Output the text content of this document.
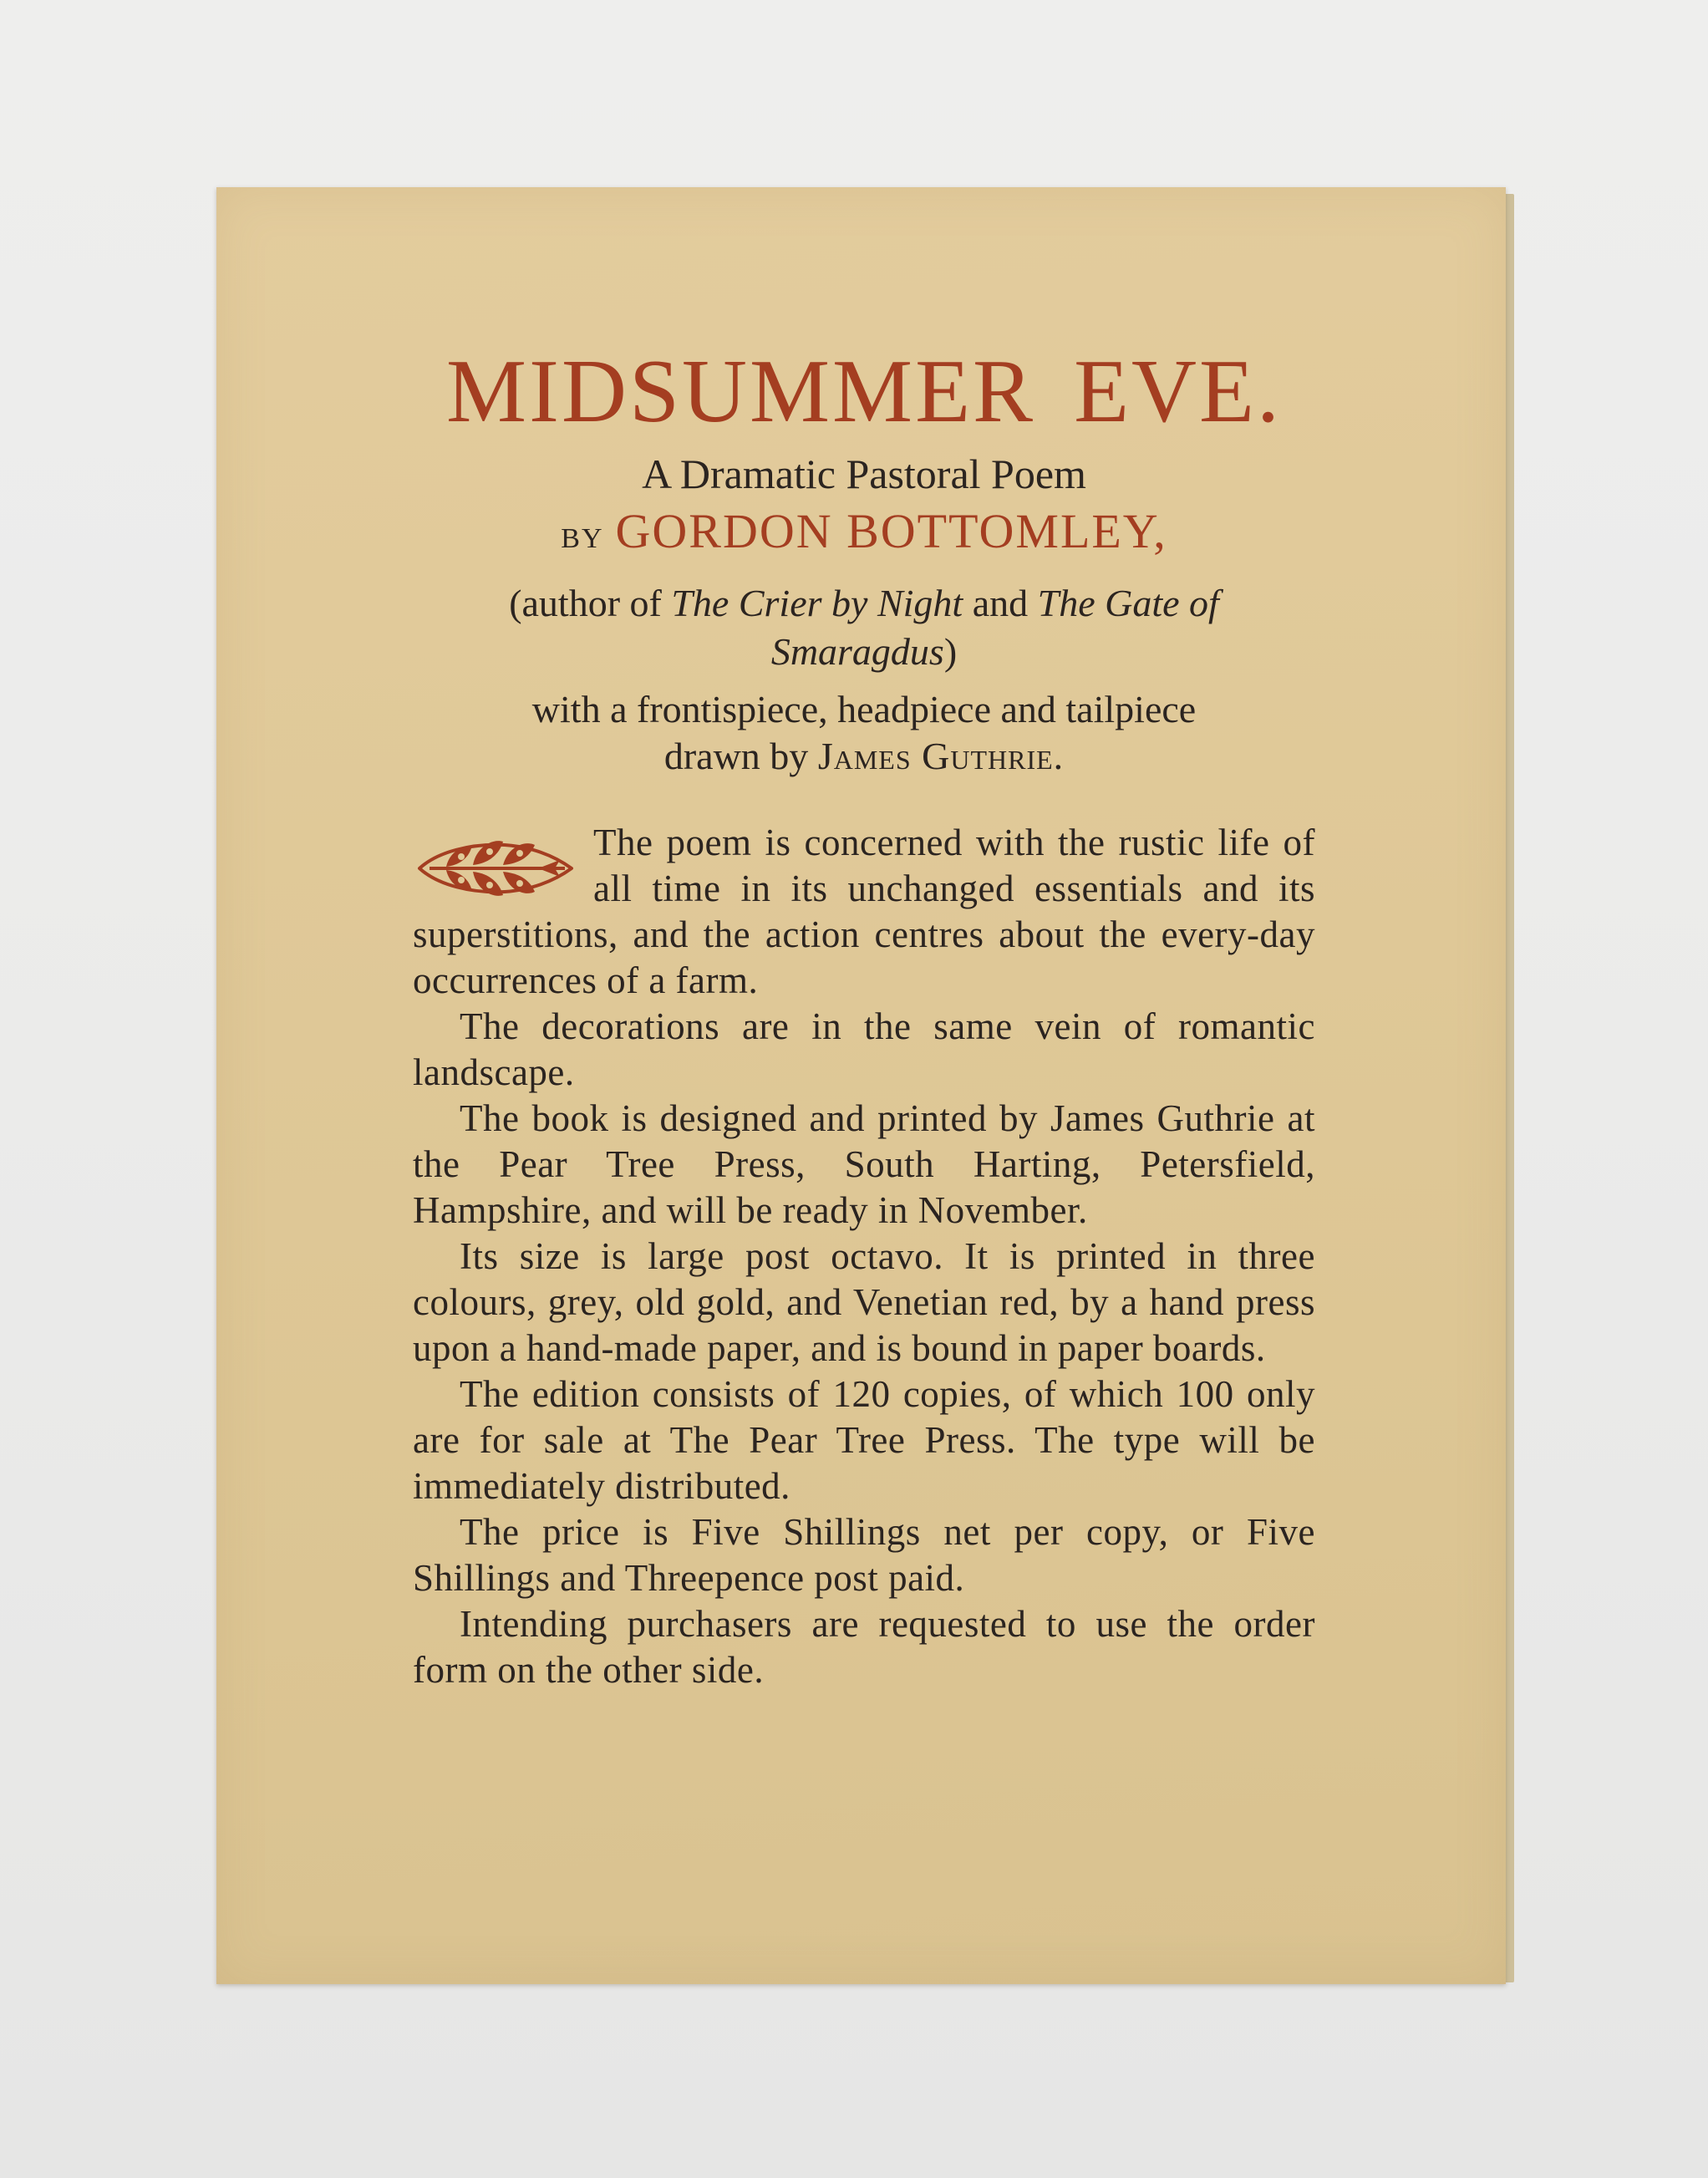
MIDSUMMER EVE.
A Dramatic Pastoral Poem
BY GORDON BOTTOMLEY,
(author of The Crier by Night and The Gate of Smaragdus)
with a frontispiece, headpiece and tailpiece
drawn by James Guthrie.

The poem is concerned with the rustic life of all time in its unchanged essentials and its superstitions, and the action centres about the every-day occurrences of a farm.

The decorations are in the same vein of romantic landscape.

The book is designed and printed by James Guthrie at the Pear Tree Press, South Harting, Petersfield, Hampshire, and will be ready in November.

Its size is large post octavo. It is printed in three colours, grey, old gold, and Venetian red, by a hand press upon a hand-made paper, and is bound in paper boards.

The edition consists of 120 copies, of which 100 only are for sale at The Pear Tree Press. The type will be immediately distributed.

The price is Five Shillings net per copy, or Five Shillings and Threepence post paid.

Intending purchasers are requested to use the order form on the other side.
